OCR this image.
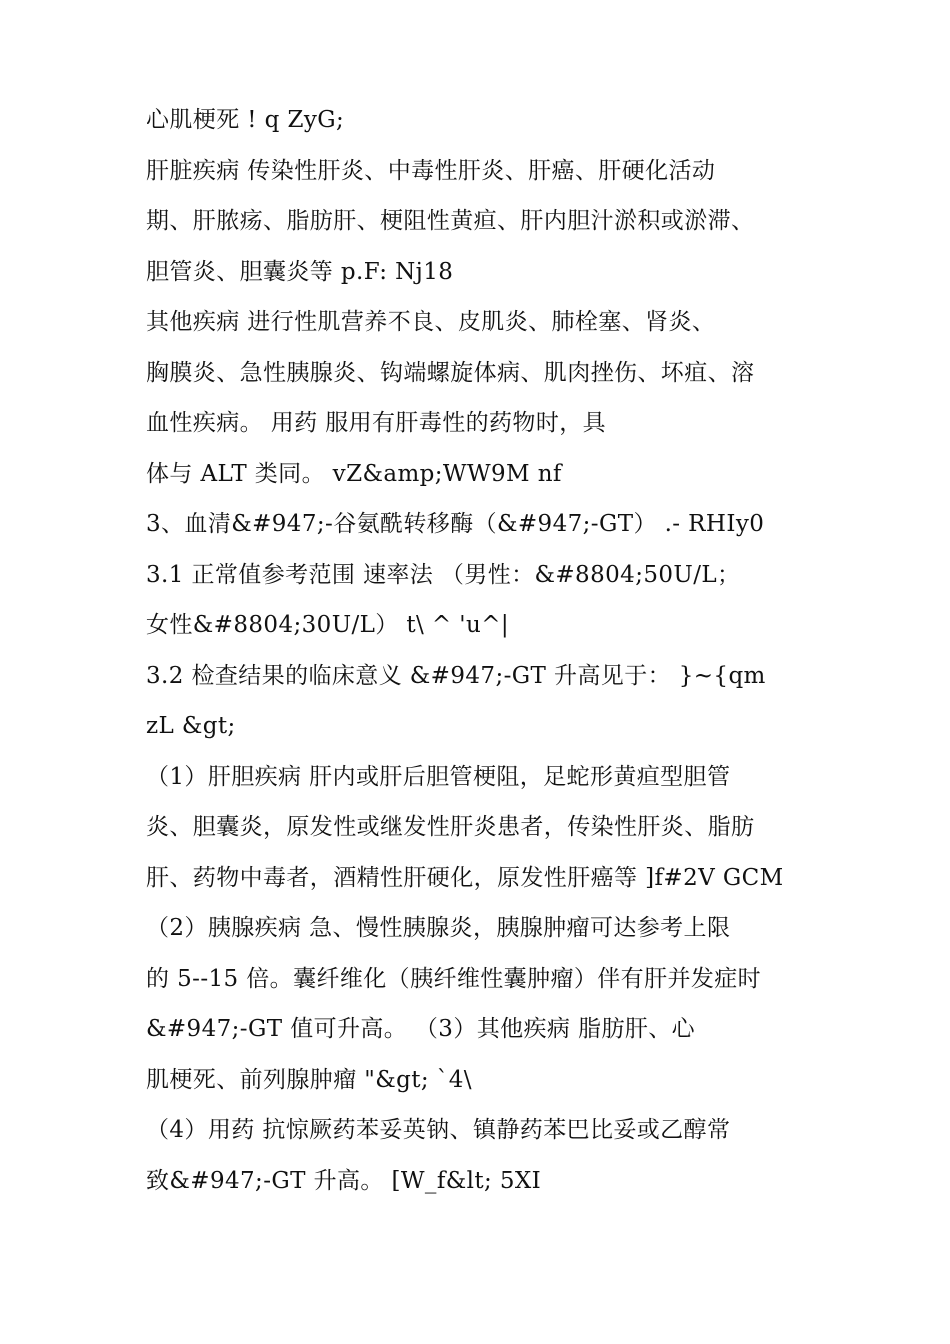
心肌梗死 ! q ZyG;
肝脏疾病 传染性肝炎、中毒性肝炎、肝癌、肝硬化活动
期、肝脓疡、脂肪肝、梗阻性黄疸、肝内胆汁淤积或淤滞、
胆管炎、胆囊炎等 p.F: Nj18
其他疾病 进行性肌营养不良、皮肌炎、肺栓塞、肾炎、
胸膜炎、急性胰腺炎、钩端螺旋体病、肌肉挫伤、坏疽、溶
血性疾病。 用药 服用有肝毒性的药物时，具
体与 ALT 类同。 vZ&amp;WW9M nf
3、血清&#947;-谷氨酰转移酶（&#947;-GT） .- RHIy0
3.1 正常值参考范围 速率法 （男性：&#8804;50U/L；
女性&#8804;30U/L） t\ ^ 'u^|
3.2 检查结果的临床意义 &#947;-GT 升高见于： }~{qm
zL &gt;
（1）肝胆疾病 肝内或肝后胆管梗阻，足蛇形黄疸型胆管
炎、胆囊炎，原发性或继发性肝炎患者，传染性肝炎、脂肪
肝、药物中毒者，酒精性肝硬化，原发性肝癌等 ]f#2V GCM
（2）胰腺疾病 急、慢性胰腺炎，胰腺肿瘤可达参考上限
的 5--15 倍。囊纤维化（胰纤维性囊肿瘤）伴有肝并发症时
&#947;-GT 值可升高。 （3）其他疾病 脂肪肝、心
肌梗死、前列腺肿瘤 "&gt; `4\
（4）用药 抗惊厥药苯妥英钠、镇静药苯巴比妥或乙醇常
致&#947;-GT 升高。 [W_f&lt; 5XI
